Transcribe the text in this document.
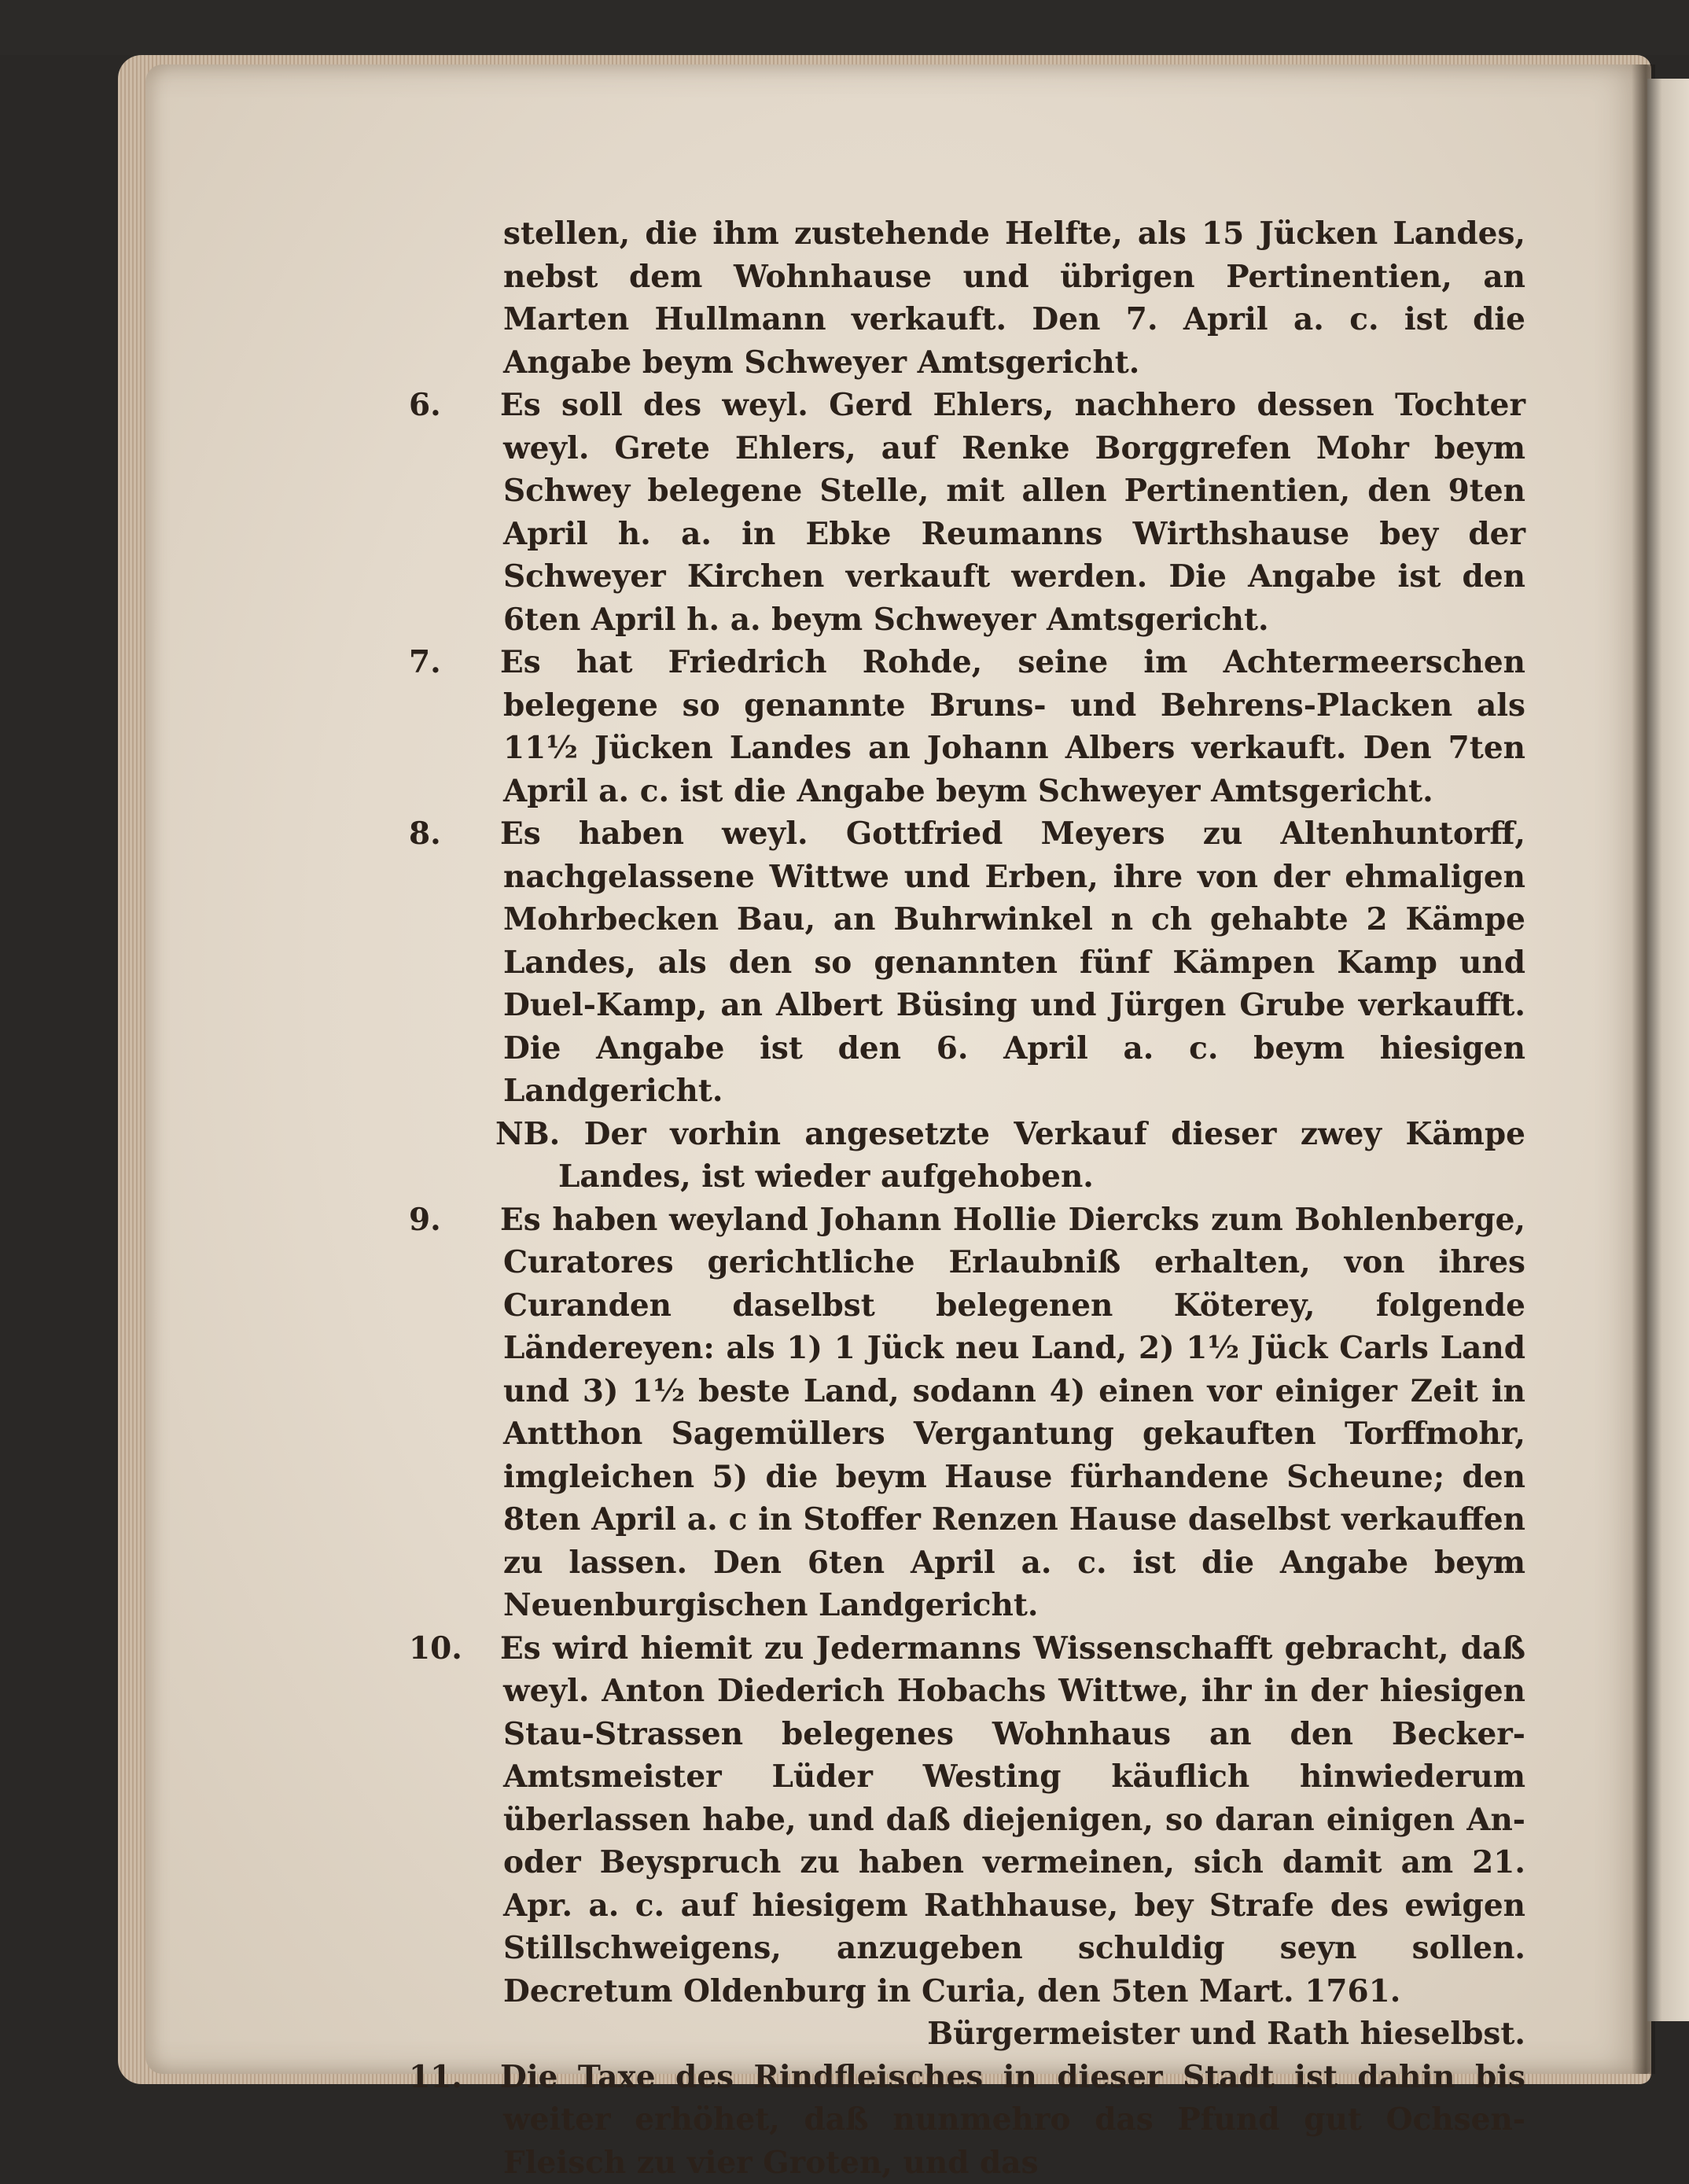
stellen, die ihm zustehende Helfte, als 15 Jücken Landes, nebst dem Wohnhause und übrigen Pertinentien, an Marten Hullmann verkauft. Den 7. April a. c. ist die Angabe beym Schweyer Amtsgericht.

6. Es soll des weyl. Gerd Ehlers, nachhero dessen Tochter weyl. Grete Ehlers, auf Renke Borggrefen Mohr beym Schwey belegene Stelle, mit allen Pertinentien, den 9ten April h. a. in Ebke Reumanns Wirthshause bey der Schweyer Kirchen verkauft werden. Die Angabe ist den 6ten April h. a. beym Schweyer Amtsgericht.

7. Es hat Friedrich Rohde, seine im Achtermeerschen belegene so genannte Bruns- und Behrens-Placken als 11½ Jücken Landes an Johann Albers verkauft. Den 7ten April a. c. ist die Angabe beym Schweyer Amtsgericht.

8. Es haben weyl. Gottfried Meyers zu Altenhuntorff, nachgelassene Wittwe und Erben, ihre von der ehmaligen Mohrbecken Bau, an Buhrwinkel n ch gehabte 2 Kämpe Landes, als den so genannten fünf Kämpen Kamp und Duel-Kamp, an Albert Büsing und Jürgen Grube verkaufft. Die Angabe ist den 6. April a. c. beym hiesigen Landgericht.

NB. Der vorhin angesetzte Verkauf dieser zwey Kämpe Landes, ist wieder aufgehoben.

9. Es haben weyland Johann Hollie Diercks zum Bohlenberge, Curatores gerichtliche Erlaubniß erhalten, von ihres Curanden daselbst belegenen Köterey, folgende Ländereyen: als 1) 1 Jück neu Land, 2) 1½ Jück Carls Land und 3) 1½ beste Land, sodann 4) einen vor einiger Zeit in Antthon Sagemüllers Vergantung gekauften Torffmohr, imgleichen 5) die beym Hause fürhandene Scheune; den 8ten April a. c in Stoffer Renzen Hause daselbst verkauffen zu lassen. Den 6ten April a. c. ist die Angabe beym Neuenburgischen Landgericht.

10. Es wird hiemit zu Jedermanns Wissenschafft gebracht, daß weyl. Anton Diederich Hobachs Wittwe, ihr in der hiesigen Stau-Strassen belegenes Wohnhaus an den Becker-Amtsmeister Lüder Westing käuflich hinwiederum überlassen habe, und daß diejenigen, so daran einigen An- oder Beyspruch zu haben vermeinen, sich damit am 21. Apr. a. c. auf hiesigem Rathhause, bey Strafe des ewigen Stillschweigens, anzugeben schuldig seyn sollen. Decretum Oldenburg in Curia, den 5ten Mart. 1761.

Bürgermeister und Rath hieselbst.

11. Die Taxe des Rindfleisches in dieser Stadt ist dahin bis weiter erhöhet, daß nunmehro das Pfund gut Ochsen-Fleisch zu vier Groten, und das
